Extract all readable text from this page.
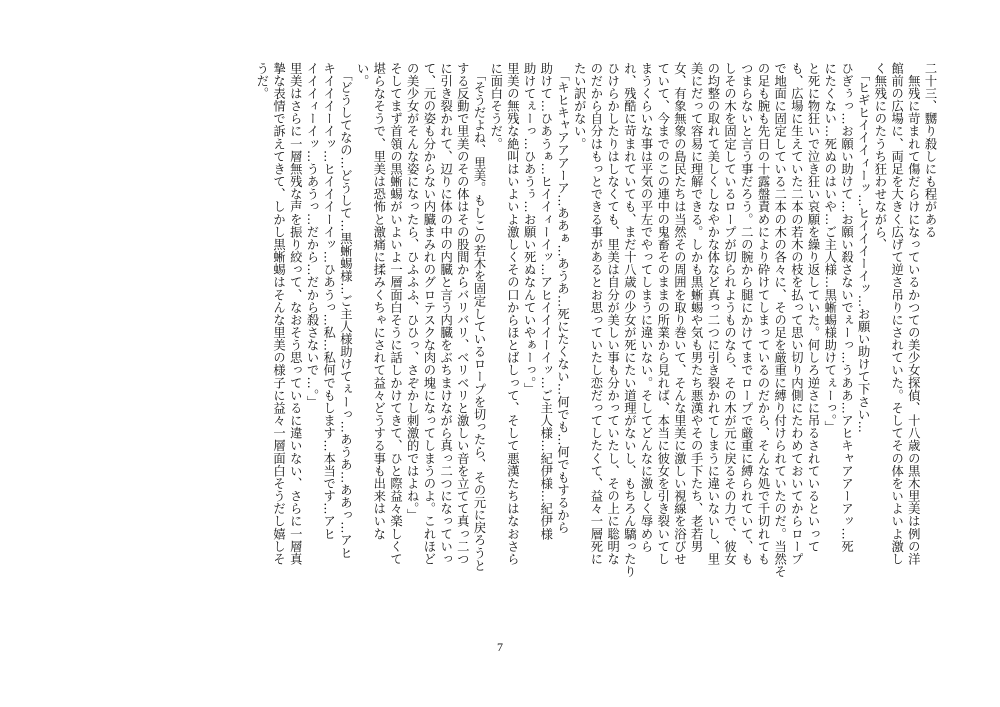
二十三、嬲り殺しにも程がある
　無残に苛まれて傷だらけになっているかつての美少女探偵、十八歳の黒木里美は例の洋
館前の広場に、両足を大きく広げて逆さ吊りにされていた。そしてその体をいよいよ激し
く無残にのたうち狂わせながら、
　「ヒギヒイイイィーッ…ヒイイイーイッ…お願い助けて下さい…
ひぎぅっ…お願い助けて…お願い殺さないでぇーっ…うああ…アヒキャアアーアッ…死
にたくない…死ぬのはいや…ご主人様…黒蜥蜴様助けてぇーっ。」
と死に物狂いで泣き狂い哀願を繰り返していた。何しろ逆さに吊るされているといって
も、広場に生えていた二本の若木の枝を払って思い切り内側にたわめておいてからロープ
で地面に固定している二本の木の各々に、その足を厳重に縛り付けられていたのだ。当然そ
の足も腕も先日の十露盤責めにより砕けてしまっているのだから、そんな処で千切れても
つまらないと言う事だろう。二の腕から腿にかけてまでロープで厳重に縛られていて、も
しその木を固定しているロープが切られようものなら、その木が元に戻るその力で、彼女
の均整の取れて美しくしなやかな体など真っ二つに引き裂かれてしまうに違いないし、里
美にだって容易に理解できる。しかも黒蜥蜴や気も男たち悪漢やその手下たち、老若男
女、有象無象の島民たちは当然その周囲を取り巻いて、そんな里美に激しい視線を浴びせ
ていて、今までのこの連中の鬼畜そのままの所業から見れば、本当に彼女を引き裂いてし
まうくらいな事は平気の平左でやってしまうに違いない。そしてどんなに激しく辱めら
れ、残酷に苛まれていても、まだ十八歳の少女が死にたい道理がないし、もちろん驕ったり
ひけらかしたりはしなくても、里美は自分が美しい事も分かっていたし、その上に聡明な
のだから自分はもっとできる事があるとお思っていたし恋だってしたくて、益々一層死に
たい訳がない。
　「キヒキャアアアーア…ああぁ…あうあ…死にたくない…何でも…何でもするから
助けて…ひあうぁ…ヒイイィーイッ…アヒイイイーイッ…ご主人様…紀伊様…紀伊様
助けてぇーっ…ひあうぅ…お願い死ぬなんていやぁーっ。」
里美の無残な絶叫はいよいよ激しくその口からほとばしって、そして悪漢たちはなおさら
に面白そうだ。
　「そうだよね、里美。もしこの若木を固定しているロープを切ったら、その元に戻ろうと
する反動で里美のその体はその股間からバリバリ、ベリベリと激しい音を立てて真っ二つ
に引き裂かれて、辺りに体の中の内臓と言う内臓をぶちまけながら真っ二つになっていっ
て、元の姿も分からない内臓まみれのグロテスクな肉の塊になってしまうのよ。これほど
の美少女がそんな姿になったら、ひふふふ、ひひっ、さぞかし刺激的ではよね。」
そしてまず首領の黒蜥蜴がいよいよ一層面白そうに話しかけてきて、ひと際益々楽しくて
堪らなそうで、里美は恐怖と激痛に揉みくちゃにされて益々どうする事も出来はいな
い。
　「どうしてなの…どうして…黒蜥蜴様…ご主人様助けてぇーっ…あうあ…ああっ…アヒ
キイイイーイッ…ヒイイイーイッ…ひあうっ…私…私何でもします…本当です…アヒ
イイイィーイッ…うあうっ…だから…だから殺さないで…。」
里美はさらに一層無残な声を振り絞って、なおそう思っているに違いない、さらに一層真
摯な表情で訴えてきて、しかし黒蜥蜴はそんな里美の様子に益々一層面白そうだし嬉しそ
うだ。
7
